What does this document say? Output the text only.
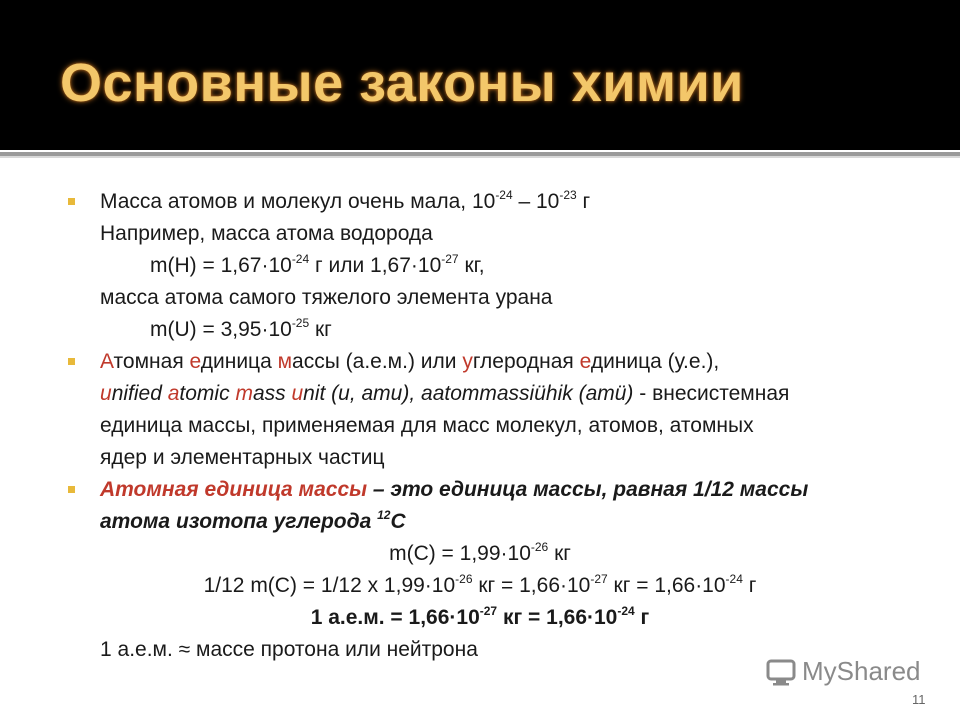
Основные законы химии
Масса атомов и молекул очень мала, $10^{-24} - 10^{-23}$ г
Например, масса атома водорода
$m(H) = 1,67\cdot 10^{-24}$ г или $1,67\cdot 10^{-27}$ кг,
масса атома самого тяжелого элемента урана
$m(U) = 3,95\cdot 10^{-25}$ кг
Атомная единица массы (а.е.м.) или углеродная единица (у.е.),
unified atomic mass unit (u, amu), aatommassiühik (amü) - внесистемная
единица массы, применяемая для масс молекул, атомов, атомных
ядер и элементарных частиц
Атомная единица массы – это единица массы, равная 1/12 массы
атома изотопа углерода $^{12}$С
$m(C) = 1,99\cdot 10^{-26}$ кг
1/12 m(C) = 1/12 х $1,99\cdot 10^{-26}$ кг = $1,66\cdot 10^{-27}$ кг = $1,66\cdot 10^{-24}$ г
1 а.е.м. = $1,66\cdot 10^{-27}$ кг = $1,66\cdot 10^{-24}$ г
1 а.е.м. ≈ массе протона или нейтрона
MyShared
11
